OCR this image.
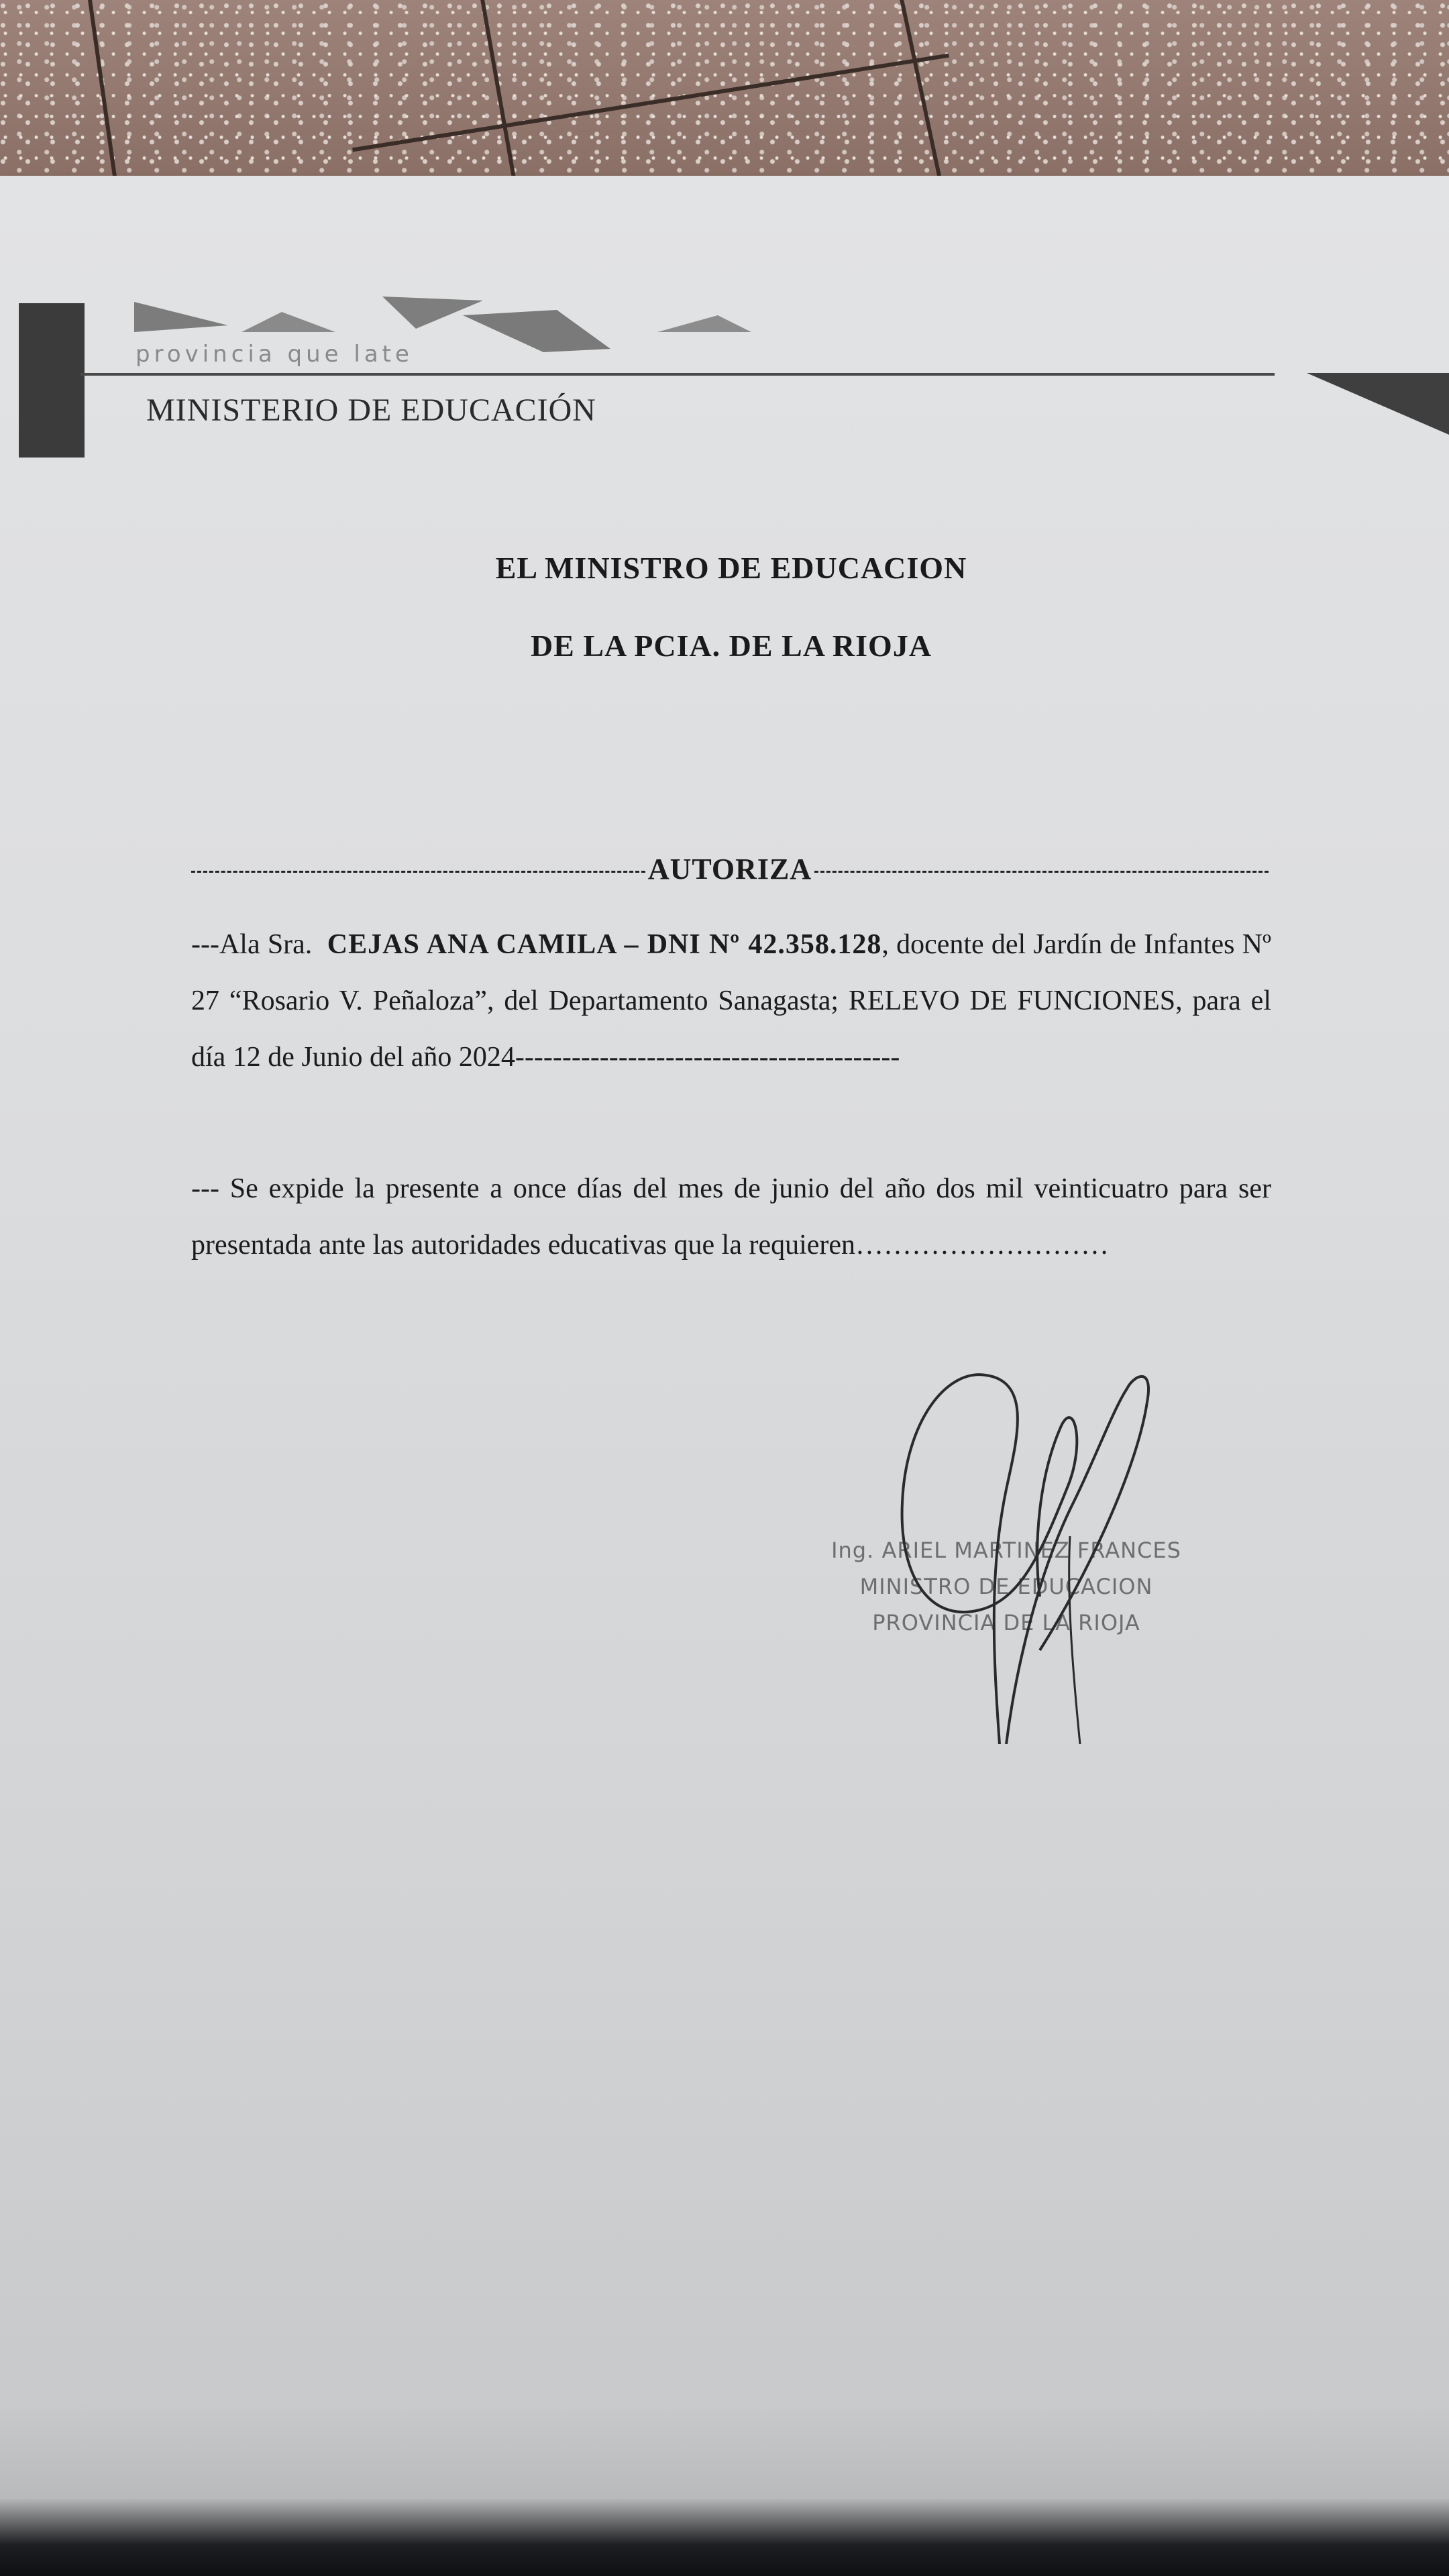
provincia que late
MINISTERIO DE EDUCACIÓN
EL MINISTRO DE EDUCACION
DE LA PCIA. DE LA RIOJA
AUTORIZA
---Ala Sra. CEJAS ANA CAMILA – DNI Nº 42.358.128, docente del Jardín de Infantes Nº 27 “Rosario V. Peñaloza”, del Departamento Sanagasta; RELEVO DE FUNCIONES, para el día 12 de Junio del año 2024-----------------------------------------
--- Se expide la presente a once días del mes de junio del año dos mil veinticuatro para ser presentada ante las autoridades educativas que la requieren………………………
Ing. ARIEL MARTINEZ FRANCES
MINISTRO DE EDUCACION
PROVINCIA DE LA RIOJA
